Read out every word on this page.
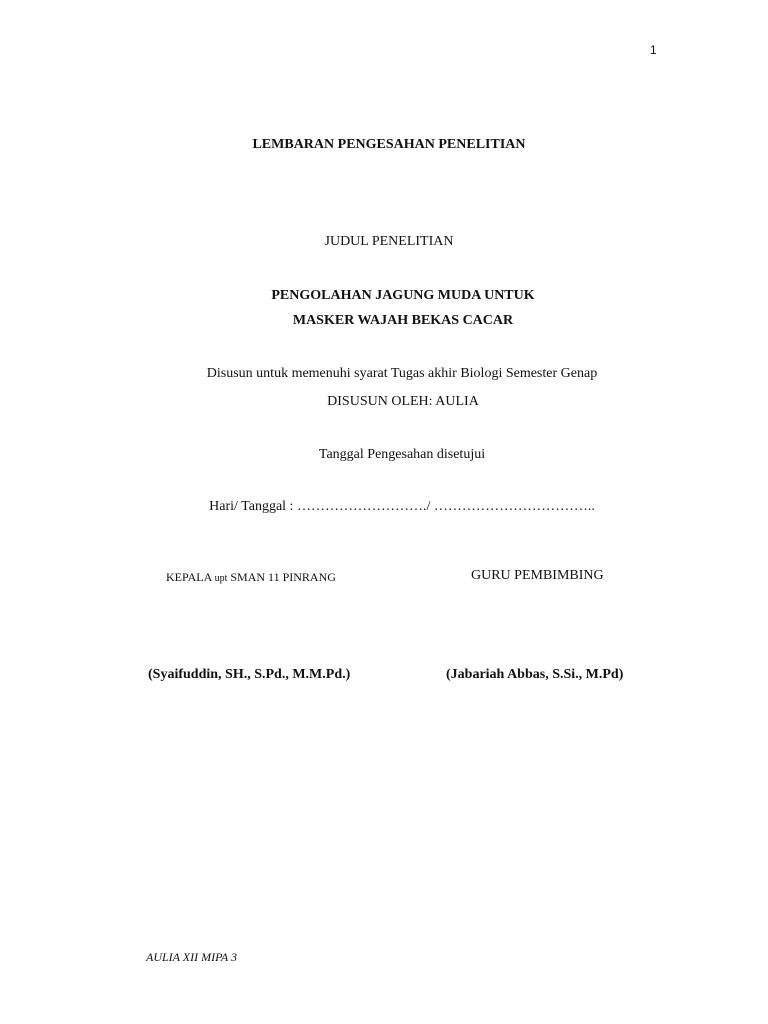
1
LEMBARAN PENGESAHAN PENELITIAN
JUDUL PENELITIAN
PENGOLAHAN JAGUNG MUDA UNTUK
MASKER WAJAH BEKAS CACAR
Disusun untuk memenuhi syarat Tugas akhir Biologi Semester Genap
DISUSUN OLEH: AULIA
Tanggal Pengesahan disetujui
Hari/ Tanggal : ………………………./ ……………………………..
KEPALA upt SMAN 11 PINRANG	GURU PEMBIMBING
(Syaifuddin, SH., S.Pd., M.M.Pd.)	(Jabariah Abbas, S.Si., M.Pd)
AULIA XII MIPA 3
